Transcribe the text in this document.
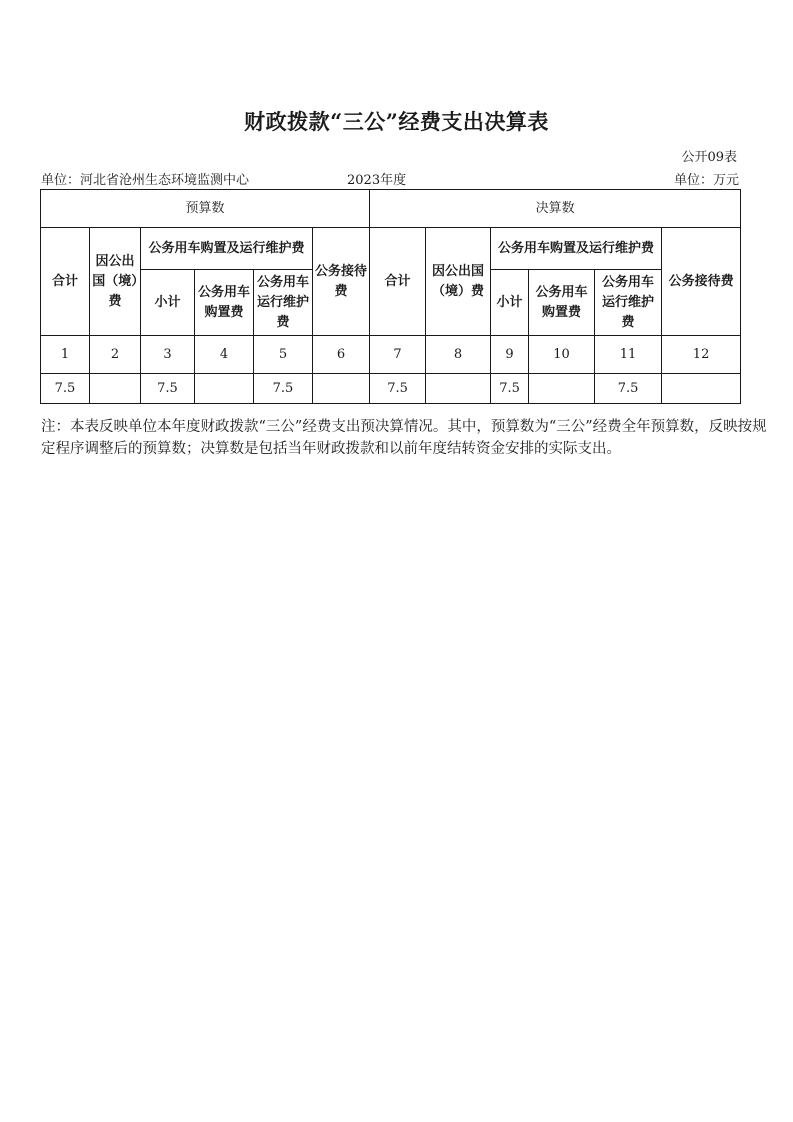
财政拨款“三公”经费支出决算表
公开09表
单位：河北省沧州生态环境监测中心	2023年度	单位：万元
预算数						决算数					
合计	因公出国（境）费	公务用车购置及运行维护费			公务接待费	合计	因公出国（境）费	公务用车购置及运行维护费			公务接待费
		小计	公务用车购置费	公务用车运行维护费				小计	公务用车购置费	公务用车运行维护费	
1	2	3	4	5	6	7	8	9	10	11	12
7.5		7.5		7.5		7.5		7.5		7.5	
注：本表反映单位本年度财政拨款“三公”经费支出预决算情况。其中，预算数为“三公”经费全年预算数，反映按规定程序调整后的预算数；决算数是包括当年财政拨款和以前年度结转资金安排的实际支出。
